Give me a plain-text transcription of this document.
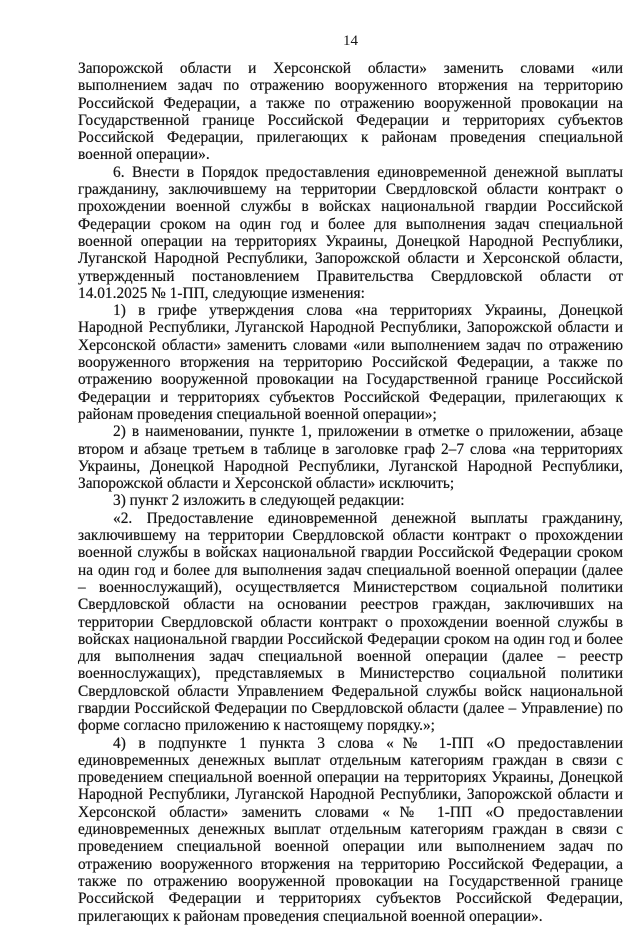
14

Запорожской области и Херсонской области» заменить словами «или выполнением задач по отражению вооруженного вторжения на территорию Российской Федерации, а также по отражению вооруженной провокации на Государственной границе Российской Федерации и территориях субъектов Российской Федерации, прилегающих к районам проведения специальной военной операции».

6. Внести в Порядок предоставления единовременной денежной выплаты гражданину, заключившему на территории Свердловской области контракт о прохождении военной службы в войсках национальной гвардии Российской Федерации сроком на один год и более для выполнения задач специальной военной операции на территориях Украины, Донецкой Народной Республики, Луганской Народной Республики, Запорожской области и Херсонской области, утвержденный постановлением Правительства Свердловской области от 14.01.2025 № 1-ПП, следующие изменения:

1) в грифе утверждения слова «на территориях Украины, Донецкой Народной Республики, Луганской Народной Республики, Запорожской области и Херсонской области» заменить словами «или выполнением задач по отражению вооруженного вторжения на территорию Российской Федерации, а также по отражению вооруженной провокации на Государственной границе Российской Федерации и территориях субъектов Российской Федерации, прилегающих к районам проведения специальной военной операции»;

2) в наименовании, пункте 1, приложении в отметке о приложении, абзаце втором и абзаце третьем в таблице в заголовке граф 2–7 слова «на территориях Украины, Донецкой Народной Республики, Луганской Народной Республики, Запорожской области и Херсонской области» исключить;

3) пункт 2 изложить в следующей редакции:

«2. Предоставление единовременной денежной выплаты гражданину, заключившему на территории Свердловской области контракт о прохождении военной службы в войсках национальной гвардии Российской Федерации сроком на один год и более для выполнения задач специальной военной операции (далее – военнослужащий), осуществляется Министерством социальной политики Свердловской области на основании реестров граждан, заключивших на территории Свердловской области контракт о прохождении военной службы в войсках национальной гвардии Российской Федерации сроком на один год и более для выполнения задач специальной военной операции (далее – реестр военнослужащих), представляемых в Министерство социальной политики Свердловской области Управлением Федеральной службы войск национальной гвардии Российской Федерации по Свердловской области (далее – Управление) по форме согласно приложению к настоящему порядку.»;

4) в подпункте 1 пункта 3 слова «№ 1-ПП «О предоставлении единовременных денежных выплат отдельным категориям граждан в связи с проведением специальной военной операции на территориях Украины, Донецкой Народной Республики, Луганской Народной Республики, Запорожской области и Херсонской области» заменить словами «№ 1-ПП «О предоставлении единовременных денежных выплат отдельным категориям граждан в связи с проведением специальной военной операции или выполнением задач по отражению вооруженного вторжения на территорию Российской Федерации, а также по отражению вооруженной провокации на Государственной границе Российской Федерации и территориях субъектов Российской Федерации, прилегающих к районам проведения специальной военной операции».
